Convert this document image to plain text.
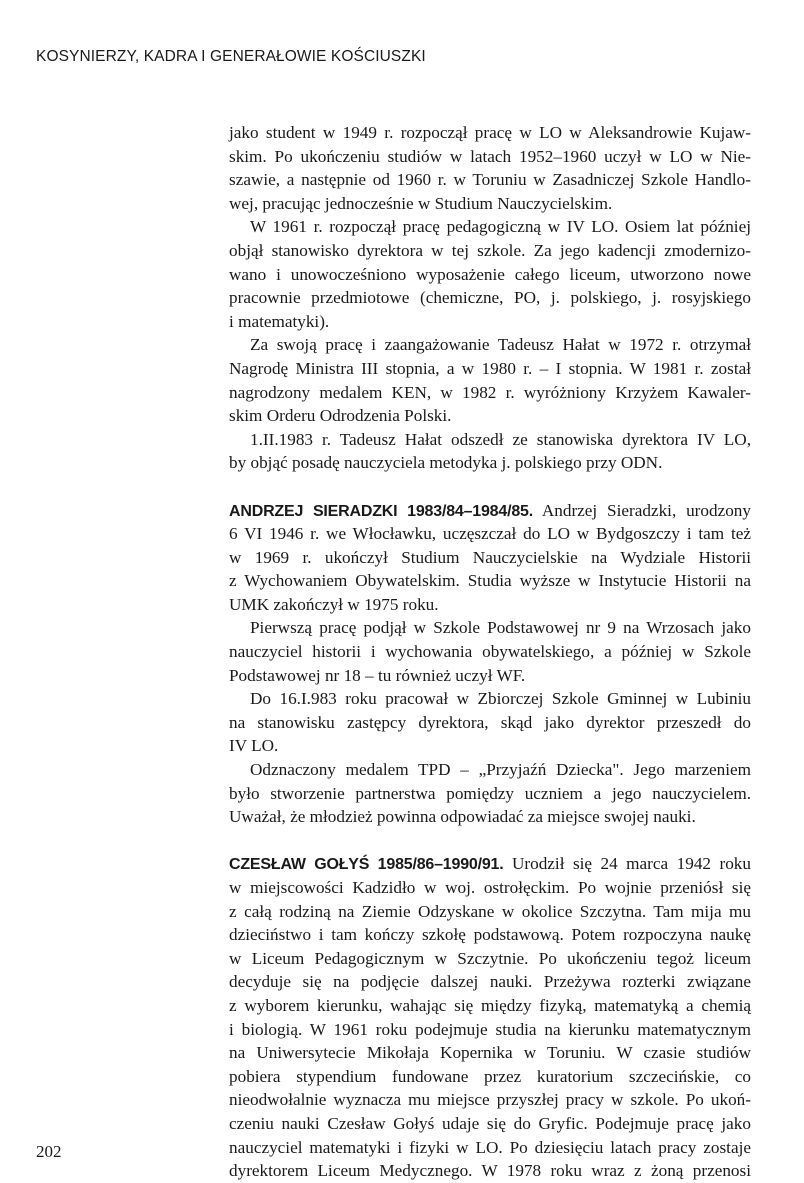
KOSYNIERZY, KADRA I GENERAŁOWIE KOŚCIUSZKI
jako student w 1949 r. rozpoczął pracę w LO w Aleksandrowie Kujaw-
skim. Po ukończeniu studiów w latach 1952–1960 uczył w LO w Nie-
szawie, a następnie od 1960 r. w Toruniu w Zasadniczej Szkole Handlo-
wej, pracując jednocześnie w Studium Nauczycielskim.
W 1961 r. rozpoczął pracę pedagogiczną w IV LO. Osiem lat później
objął stanowisko dyrektora w tej szkole. Za jego kadencji zmodernizo-
wano i unowocześniono wyposażenie całego liceum, utworzono nowe
pracownie przedmiotowe (chemiczne, PO, j. polskiego, j. rosyjskiego
i matematyki).
Za swoją pracę i zaangażowanie Tadeusz Hałat w 1972 r. otrzymał
Nagrodę Ministra III stopnia, a w 1980 r. – I stopnia. W 1981 r. został
nagrodzony medalem KEN, w 1982 r. wyróżniony Krzyżem Kawaler-
skim Orderu Odrodzenia Polski.
1.II.1983 r. Tadeusz Hałat odszedł ze stanowiska dyrektora IV LO,
by objąć posadę nauczyciela metodyka j. polskiego przy ODN.
ANDRZEJ SIERADZKI 1983/84–1984/85. Andrzej Sieradzki, urodzony
6 VI 1946 r. we Włocławku, uczęszczał do LO w Bydgoszczy i tam też
w 1969 r. ukończył Studium Nauczycielskie na Wydziale Historii
z Wychowaniem Obywatelskim. Studia wyższe w Instytucie Historii na
UMK zakończył w 1975 roku.
Pierwszą pracę podjął w Szkole Podstawowej nr 9 na Wrzosach jako
nauczyciel historii i wychowania obywatelskiego, a później w Szkole
Podstawowej nr 18 – tu również uczył WF.
Do 16.I.983 roku pracował w Zbiorczej Szkole Gminnej w Lubiniu
na stanowisku zastępcy dyrektora, skąd jako dyrektor przeszedł do
IV LO.
Odznaczony medalem TPD – „Przyjaźń Dziecka". Jego marzeniem
było stworzenie partnerstwa pomiędzy uczniem a jego nauczycielem.
Uważał, że młodzież powinna odpowiadać za miejsce swojej nauki.
CZESŁAW GOŁYŚ 1985/86–1990/91. Urodził się 24 marca 1942 roku
w miejscowości Kadzidło w woj. ostrołęckim. Po wojnie przeniósł się
z całą rodziną na Ziemie Odzyskane w okolice Szczytna. Tam mija mu
dzieciństwo i tam kończy szkołę podstawową. Potem rozpoczyna naukę
w Liceum Pedagogicznym w Szczytnie. Po ukończeniu tegoż liceum
decyduje się na podjęcie dalszej nauki. Przeżywa rozterki związane
z wyborem kierunku, wahając się między fizyką, matematyką a chemią
i biologią. W 1961 roku podejmuje studia na kierunku matematycznym
na Uniwersytecie Mikołaja Kopernika w Toruniu. W czasie studiów
pobiera stypendium fundowane przez kuratorium szczecińskie, co
nieodwołalnie wyznacza mu miejsce przyszłej pracy w szkole. Po ukoń-
czeniu nauki Czesław Gołyś udaje się do Gryfic. Podejmuje pracę jako
nauczyciel matematyki i fizyki w LO. Po dziesięciu latach pracy zostaje
dyrektorem Liceum Medycznego. W 1978 roku wraz z żoną przenosi
202
